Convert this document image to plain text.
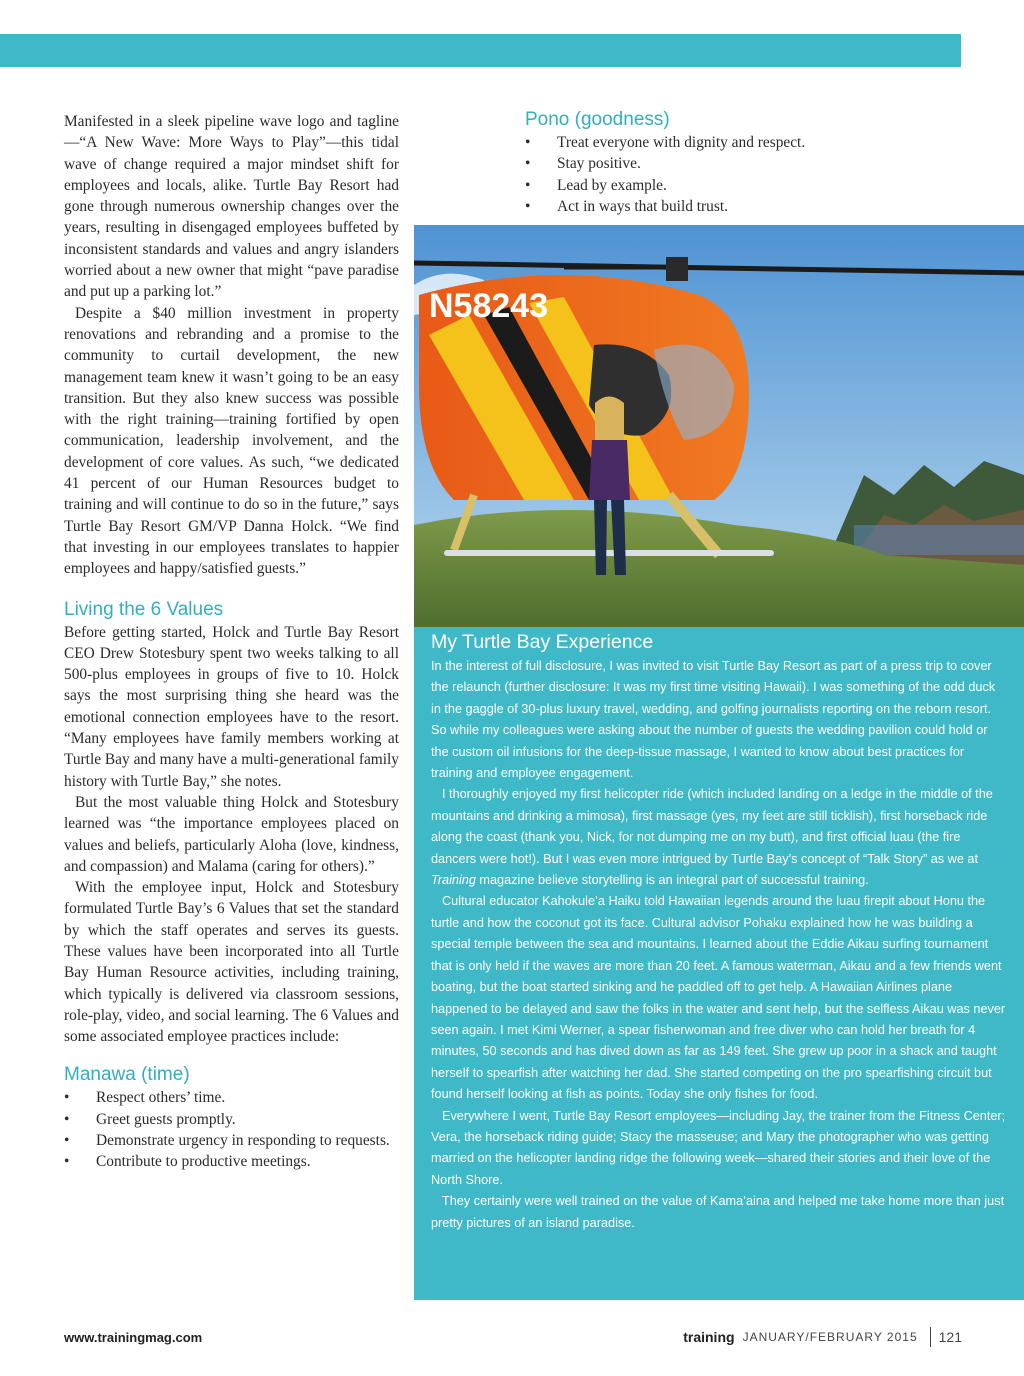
Manifested in a sleek pipeline wave logo and tagline—“A New Wave: More Ways to Play”—this tidal wave of change required a major mindset shift for employees and locals, alike. Turtle Bay Resort had gone through numerous ownership changes over the years, resulting in disengaged employees buffeted by inconsistent standards and values and angry islanders worried about a new owner that might “pave paradise and put up a parking lot.”

Despite a $40 million investment in property renovations and rebranding and a promise to the community to curtail development, the new management team knew it wasn’t going to be an easy transition. But they also knew success was possible with the right training—training fortified by open communication, leadership involvement, and the development of core values. As such, “we dedicated 41 percent of our Human Resources budget to training and will continue to do so in the future,” says Turtle Bay Resort GM/VP Danna Holck. “We find that investing in our employees translates to happier employees and happy/satisfied guests.”

Living the 6 Values

Before getting started, Holck and Turtle Bay Resort CEO Drew Stotesbury spent two weeks talking to all 500-plus employees in groups of five to 10. Holck says the most surprising thing she heard was the emotional connection employees have to the resort. “Many employees have family members working at Turtle Bay and many have a multi-generational family history with Turtle Bay,” she notes.

But the most valuable thing Holck and Stotesbury learned was “the importance employees placed on values and beliefs, particularly Aloha (love, kindness, and compassion) and Malama (caring for others).”

With the employee input, Holck and Stotesbury formulated Turtle Bay’s 6 Values that set the standard by which the staff operates and serves its guests. These values have been incorporated into all Turtle Bay Human Resource activities, including training, which typically is delivered via classroom sessions, role-play, video, and social learning. The 6 Values and some associated employee practices include:

Manawa (time)
• Respect others’ time.
• Greet guests promptly.
• Demonstrate urgency in responding to requests.
• Contribute to productive meetings.
Pono (goodness)
• Treat everyone with dignity and respect.
• Stay positive.
• Lead by example.
• Act in ways that build trust.
N58243
My Turtle Bay Experience

In the interest of full disclosure, I was invited to visit Turtle Bay Resort as part of a press trip to cover the relaunch (further disclosure: It was my first time visiting Hawaii). I was something of the odd duck in the gaggle of 30-plus luxury travel, wedding, and golfing journalists reporting on the reborn resort. So while my colleagues were asking about the number of guests the wedding pavilion could hold or the custom oil infusions for the deep-tissue massage, I wanted to know about best practices for training and employee engagement.

I thoroughly enjoyed my first helicopter ride (which included landing on a ledge in the middle of the mountains and drinking a mimosa), first massage (yes, my feet are still ticklish), first horseback ride along the coast (thank you, Nick, for not dumping me on my butt), and first official luau (the fire dancers were hot!). But I was even more intrigued by Turtle Bay’s concept of “Talk Story” as we at Training magazine believe storytelling is an integral part of successful training.

Cultural educator Kahokule’a Haiku told Hawaiian legends around the luau firepit about Honu the turtle and how the coconut got its face. Cultural advisor Pohaku explained how he was building a special temple between the sea and mountains. I learned about the Eddie Aikau surfing tournament that is only held if the waves are more than 20 feet. A famous waterman, Aikau and a few friends went boating, but the boat started sinking and he paddled off to get help. A Hawaiian Airlines plane happened to be delayed and saw the folks in the water and sent help, but the selfless Aikau was never seen again. I met Kimi Werner, a spear fisherwoman and free diver who can hold her breath for 4 minutes, 50 seconds and has dived down as far as 149 feet. She grew up poor in a shack and taught herself to spearfish after watching her dad. She started competing on the pro spearfishing circuit but found herself looking at fish as points. Today she only fishes for food.

Everywhere I went, Turtle Bay Resort employees—including Jay, the trainer from the Fitness Center; Vera, the horseback riding guide; Stacy the masseuse; and Mary the photographer who was getting married on the helicopter landing ridge the following week—shared their stories and their love of the North Shore.

They certainly were well trained on the value of Kama’aina and helped me take home more than just pretty pictures of an island paradise.

www.trainingmag.com	training JANUARY/FEBRUARY 2015 121
